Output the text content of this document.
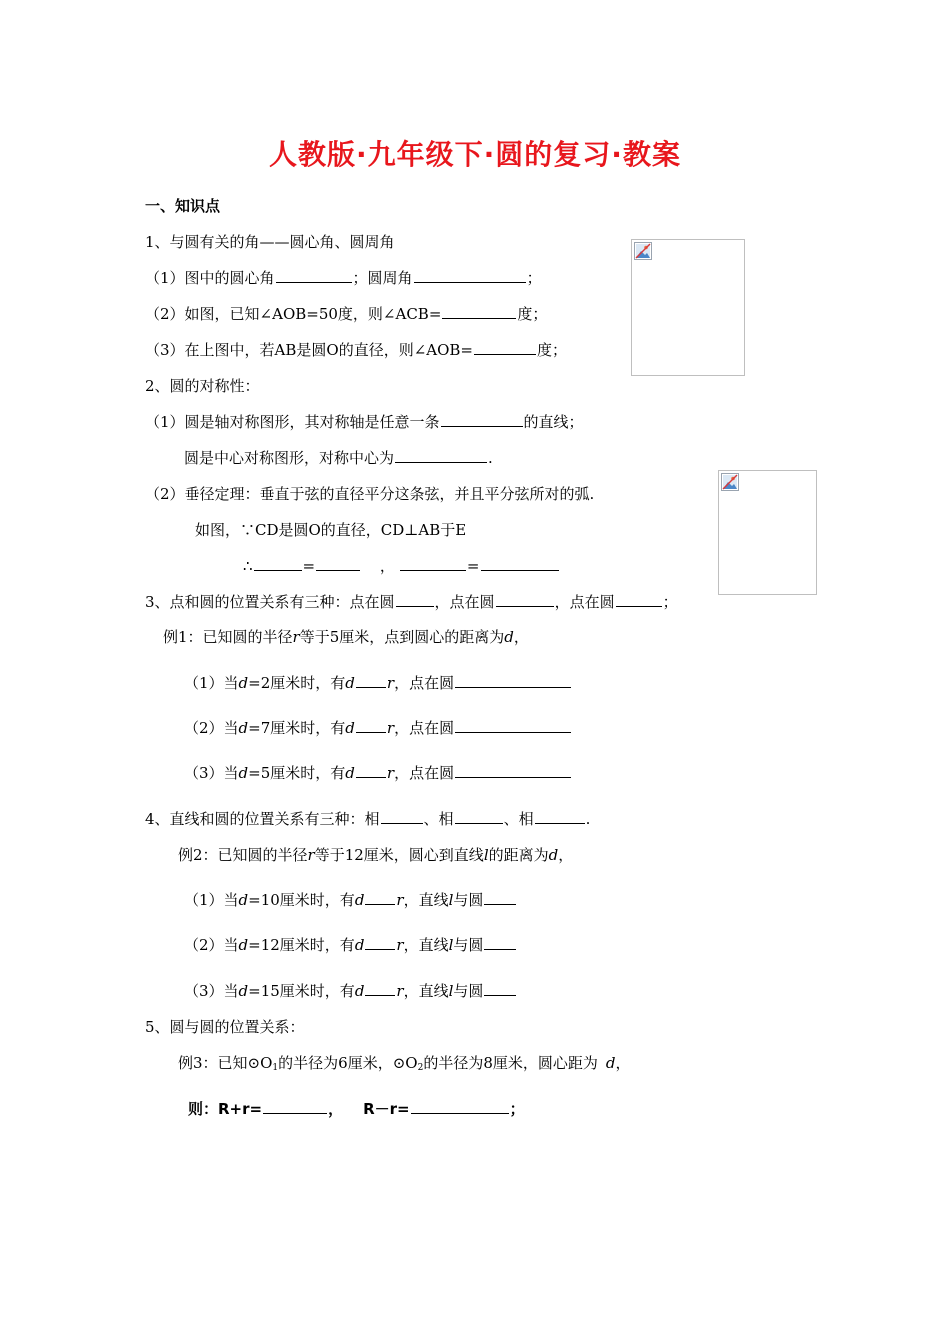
人教版·九年级下·圆的复习·教案
一、知识点
1、与圆有关的角——圆心角、圆周角
（1）图中的圆心角	；圆周角	；
（2）如图，已知∠AOB=50度，则∠ACB=	度；
（3）在上图中，若AB是圆O的直径，则∠AOB=	度；
2、圆的对称性：
（1）圆是轴对称图形，其对称轴是任意一条	的直线；
圆是中心对称图形，对称中心为	.
（2）垂径定理：垂直于弦的直径平分这条弦，并且平分弦所对的弧.
如图，∵CD是圆O的直径，CD⊥AB于E
∴	=	，	=
3、点和圆的位置关系有三种：点在圆	，点在圆	，点在圆	；
例1：已知圆的半径r等于5厘米，点到圆心的距离为d，
（1）当d=2厘米时，有d r，点在圆
（2）当d=7厘米时，有d r，点在圆
（3）当d=5厘米时，有d r，点在圆
4、直线和圆的位置关系有三种：相	、相	、相	.
例2：已知圆的半径r等于12厘米，圆心到直线l的距离为d，
（1）当d=10厘米时，有d r，直线l与圆
（2）当d=12厘米时，有d r，直线l与圆
（3）当d=15厘米时，有d r，直线l与圆
5、圆与圆的位置关系：
例3：已知$⊙O_1$的半径为6厘米，$⊙O_2$的半径为8厘米，圆心距为 d，
则：R+r=	， R－r=	；
